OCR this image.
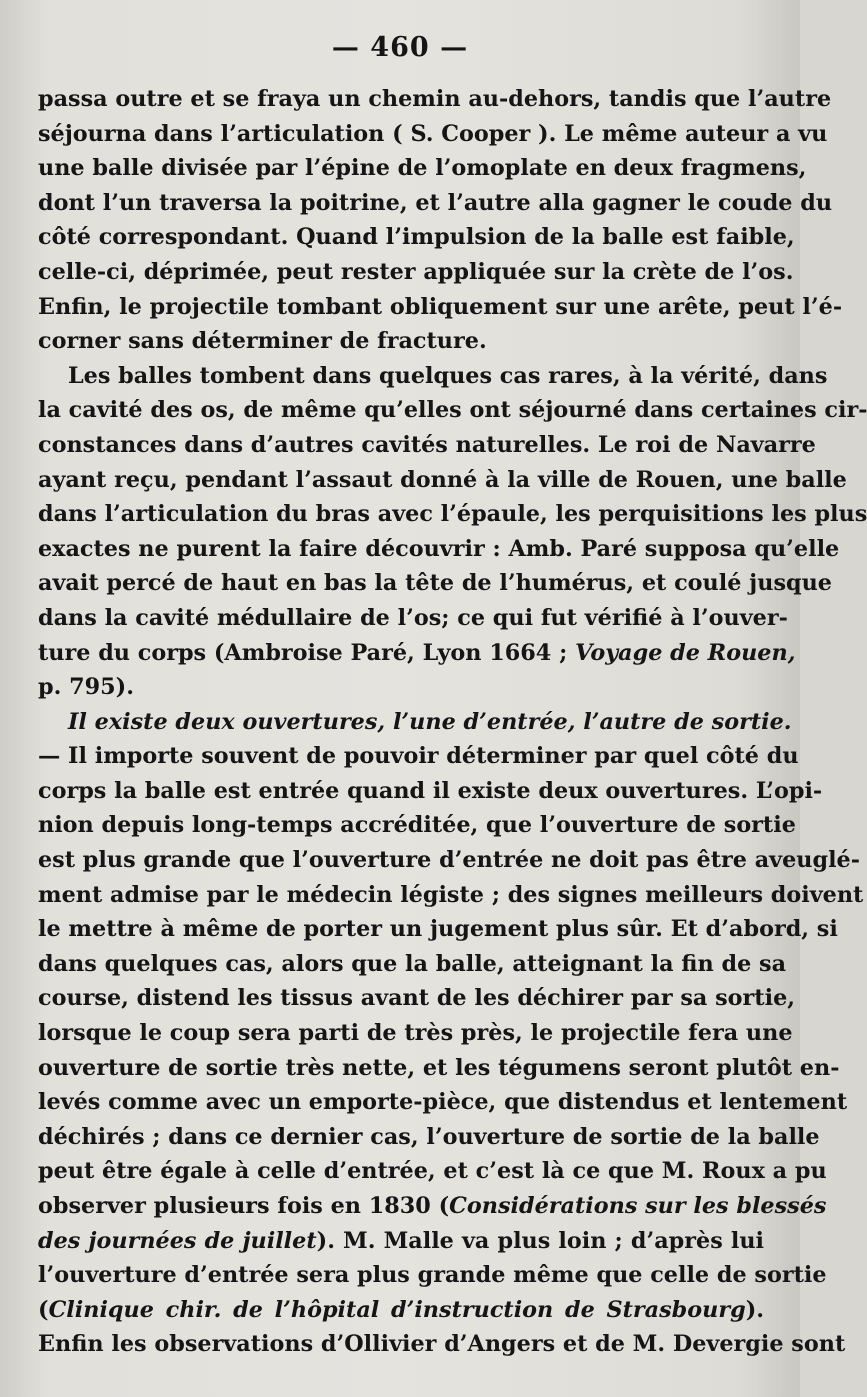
— 460 —
passa outre et se fraya un chemin au-dehors, tandis que l’autre
séjourna dans l’articulation ( S. Cooper ). Le même auteur a vu
une balle divisée par l’épine de l’omoplate en deux fragmens,
dont l’un traversa la poitrine, et l’autre alla gagner le coude du
côté correspondant. Quand l’impulsion de la balle est faible,
celle-ci, déprimée, peut rester appliquée sur la crète de l’os.
Enfin, le projectile tombant obliquement sur une arête, peut l’é-
corner sans déterminer de fracture.
Les balles tombent dans quelques cas rares, à la vérité, dans
la cavité des os, de même qu’elles ont séjourné dans certaines cir-
constances dans d’autres cavités naturelles. Le roi de Navarre
ayant reçu, pendant l’assaut donné à la ville de Rouen, une balle
dans l’articulation du bras avec l’épaule, les perquisitions les plus
exactes ne purent la faire découvrir : Amb. Paré supposa qu’elle
avait percé de haut en bas la tête de l’humérus, et coulé jusque
dans la cavité médullaire de l’os; ce qui fut vérifié à l’ouver-
ture du corps (Ambroise Paré, Lyon 1664 ; Voyage de Rouen,
p. 795).
Il existe deux ouvertures, l’une d’entrée, l’autre de sortie.
— Il importe souvent de pouvoir déterminer par quel côté du
corps la balle est entrée quand il existe deux ouvertures. L’opi-
nion depuis long-temps accréditée, que l’ouverture de sortie
est plus grande que l’ouverture d’entrée ne doit pas être aveuglé-
ment admise par le médecin légiste ; des signes meilleurs doivent
le mettre à même de porter un jugement plus sûr. Et d’abord, si
dans quelques cas, alors que la balle, atteignant la fin de sa
course, distend les tissus avant de les déchirer par sa sortie,
lorsque le coup sera parti de très près, le projectile fera une
ouverture de sortie très nette, et les tégumens seront plutôt en-
levés comme avec un emporte-pièce, que distendus et lentement
déchirés ; dans ce dernier cas, l’ouverture de sortie de la balle
peut être égale à celle d’entrée, et c’est là ce que M. Roux a pu
observer plusieurs fois en 1830 (Considérations sur les blessés
des journées de juillet). M. Malle va plus loin ; d’après lui
l’ouverture d’entrée sera plus grande même que celle de sortie
(Clinique chir. de l’hôpital d’instruction de Strasbourg).
Enfin les observations d’Ollivier d’Angers et de M. Devergie sont
